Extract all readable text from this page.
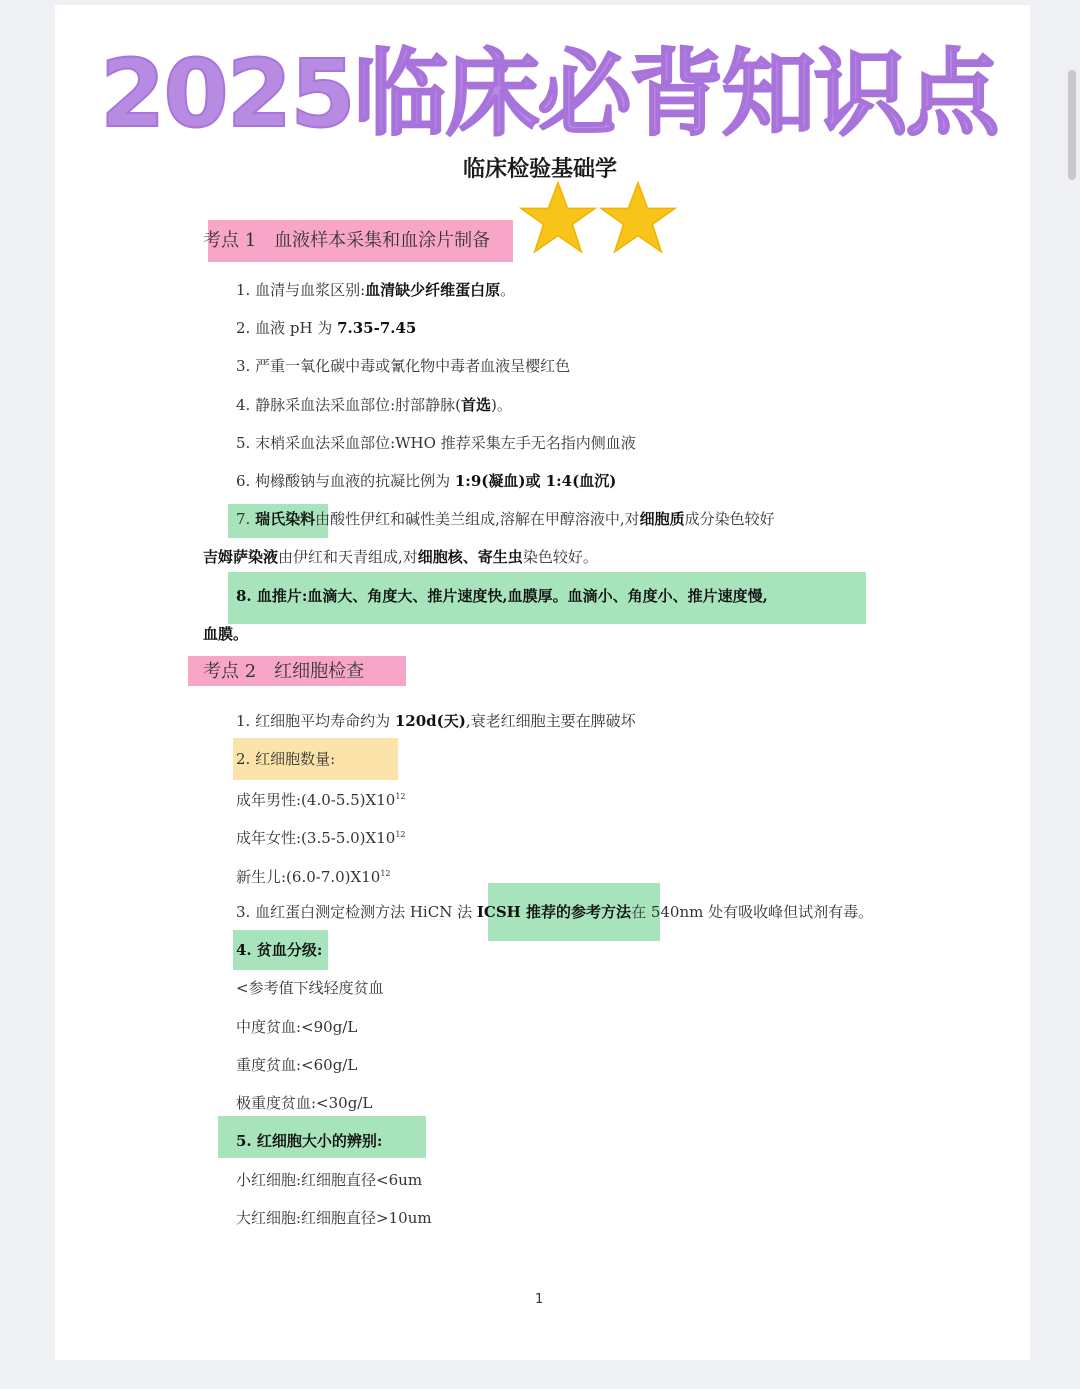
2025临床必背知识点
临床检验基础学
考点 1　血液样本采集和血涂片制备
1. 血清与血浆区别:血清缺少纤维蛋白原。
2. 血液 pH 为 7.35-7.45
3. 严重一氧化碳中毒或氰化物中毒者血液呈樱红色
4. 静脉采血法采血部位:肘部静脉(首选)。
5. 末梢采血法采血部位:WHO 推荐采集左手无名指内侧血液
6. 枸橼酸钠与血液的抗凝比例为 1:9(凝血)或 1:4(血沉)
7. 瑞氏染料由酸性伊红和碱性美兰组成,溶解在甲醇溶液中,对细胞质成分染色较好
吉姆萨染液由伊红和天青组成,对细胞核、寄生虫染色较好。
8. 血推片:血滴大、角度大、推片速度快,血膜厚。血滴小、角度小、推片速度慢,
血膜。
考点 2　红细胞检查
1. 红细胞平均寿命约为 120d(天),衰老红细胞主要在脾破坏
2. 红细胞数量:
成年男性$:(4.0-5.5)X10^{12}$
成年女性$:(3.5-5.0)X10^{12}$
新生儿$:(6.0-7.0)X10^{12}$
3. 血红蛋白测定检测方法 HiCN 法 ICSH 推荐的参考方法在 540nm 处有吸收峰但试剂有毒。
4. 贫血分级:
<参考值下线轻度贫血
中度贫血:<90g/L
重度贫血:<60g/L
极重度贫血:<30g/L
5. 红细胞大小的辨别:
小红细胞:红细胞直径<6um
大红细胞:红细胞直径>10um
1
